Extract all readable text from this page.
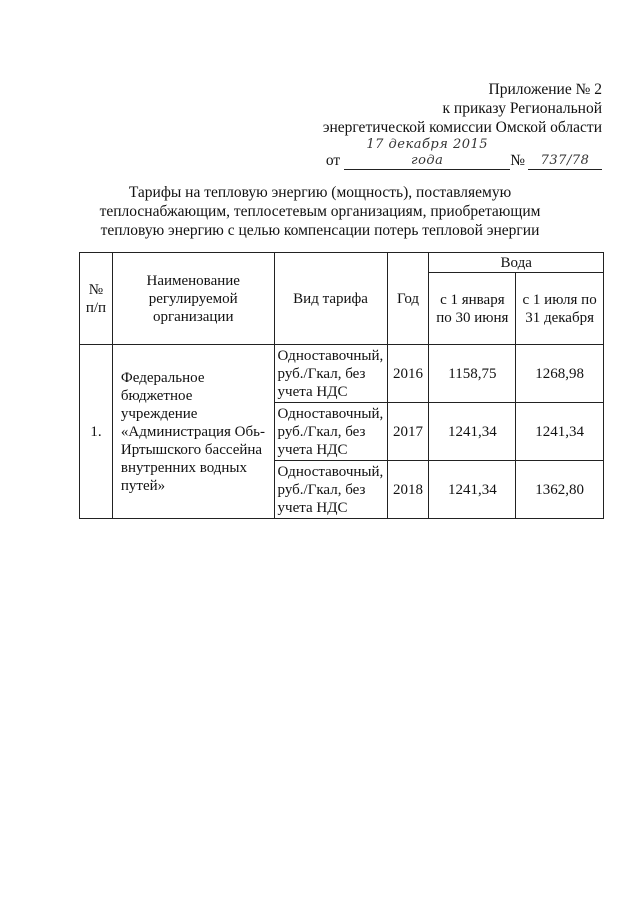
Приложение № 2
к приказу Региональной
энергетической комиссии Омской области
от
17 декабря 2015 года	№	737/78
Тарифы на тепловую энергию (мощность), поставляемую теплоснабжающим, теплосетевым организациям, приобретающим тепловую энергию с целью компенсации потерь тепловой энергии
№ п/п	Наименование регулируемой организации	Вид тарифа	Год	Вода	
				с 1 января по 30 июня	с 1 июля по 31 декабря
1.	Федеральное бюджетное учреждение «Администрация Обь-Иртышского бассейна внутренних водных путей»	Одноставочный, руб./Гкал, без учета НДС	2016	1158,75	1268,98
		Одноставочный, руб./Гкал, без учета НДС	2017	1241,34	1241,34
		Одноставочный, руб./Гкал, без учета НДС	2018	1241,34	1362,80
